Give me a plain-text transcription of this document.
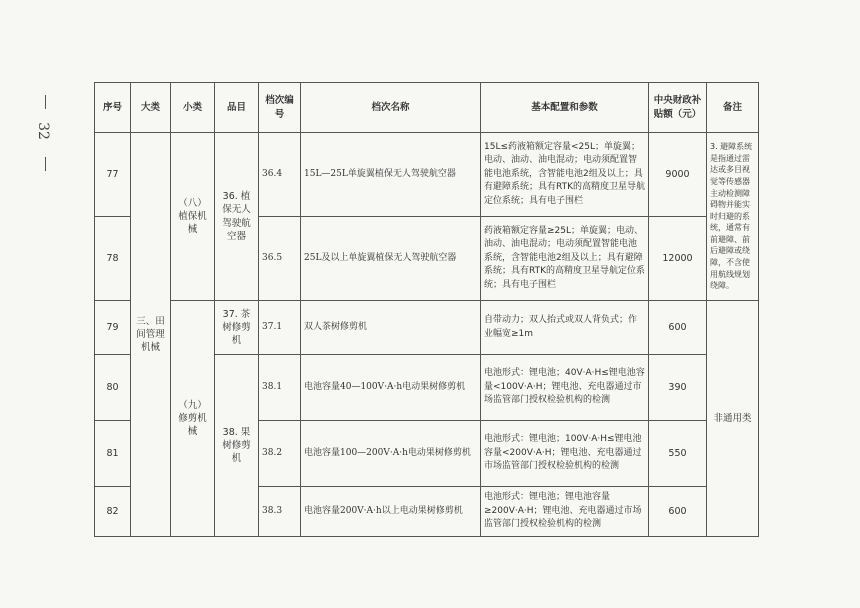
32
序号	大类	小类	品目	档次编号	档次名称	基本配置和参数	中央财政补贴额（元）	备注
77	三、田间管理机械	（八）植保机械	36. 植保无人驾驶航空器	36.4	15L—25L单旋翼植保无人驾驶航空器	15L≤药液箱额定容量<25L；单旋翼；电动、油动、油电混动；电动须配置智能电池系统，含智能电池2组及以上；具有避障系统；具有RTK的高精度卫星导航定位系统；具有电子围栏	9000	3. 避障系统是指通过雷达或多目视觉等传感器主动检测障碍物并能实时归避的系统，通常有前避障、前后避障或绕障，不含使用航线规划绕障。
78				36.5	25L及以上单旋翼植保无人驾驶航空器	药液箱额定容量≥25L；单旋翼；电动、油动、油电混动；电动须配置智能电池系统，含智能电池2组及以上；具有避障系统；具有RTK的高精度卫星导航定位系统；具有电子围栏	12000	
79		（九）修剪机械	37. 茶树修剪机	37.1	双人茶树修剪机	自带动力；双人抬式或双人背负式；作业幅宽≥1m	600	非通用类
80			38. 果树修剪机	38.1	电池容量40—100V·A·h电动果树修剪机	电池形式：锂电池；40V·A·H≤锂电池容量<100V·A·H；锂电池、充电器通过市场监管部门授权检验机构的检测	390	
81				38.2	电池容量100—200V·A·h电动果树修剪机	电池形式：锂电池；100V·A·H≤锂电池容量<200V·A·H；锂电池、充电器通过市场监管部门授权检验机构的检测	550	
82				38.3	电池容量200V·A·h以上电动果树修剪机	电池形式：锂电池；锂电池容量≥200V·A·H；锂电池、充电器通过市场监管部门授权检验机构的检测	600	
